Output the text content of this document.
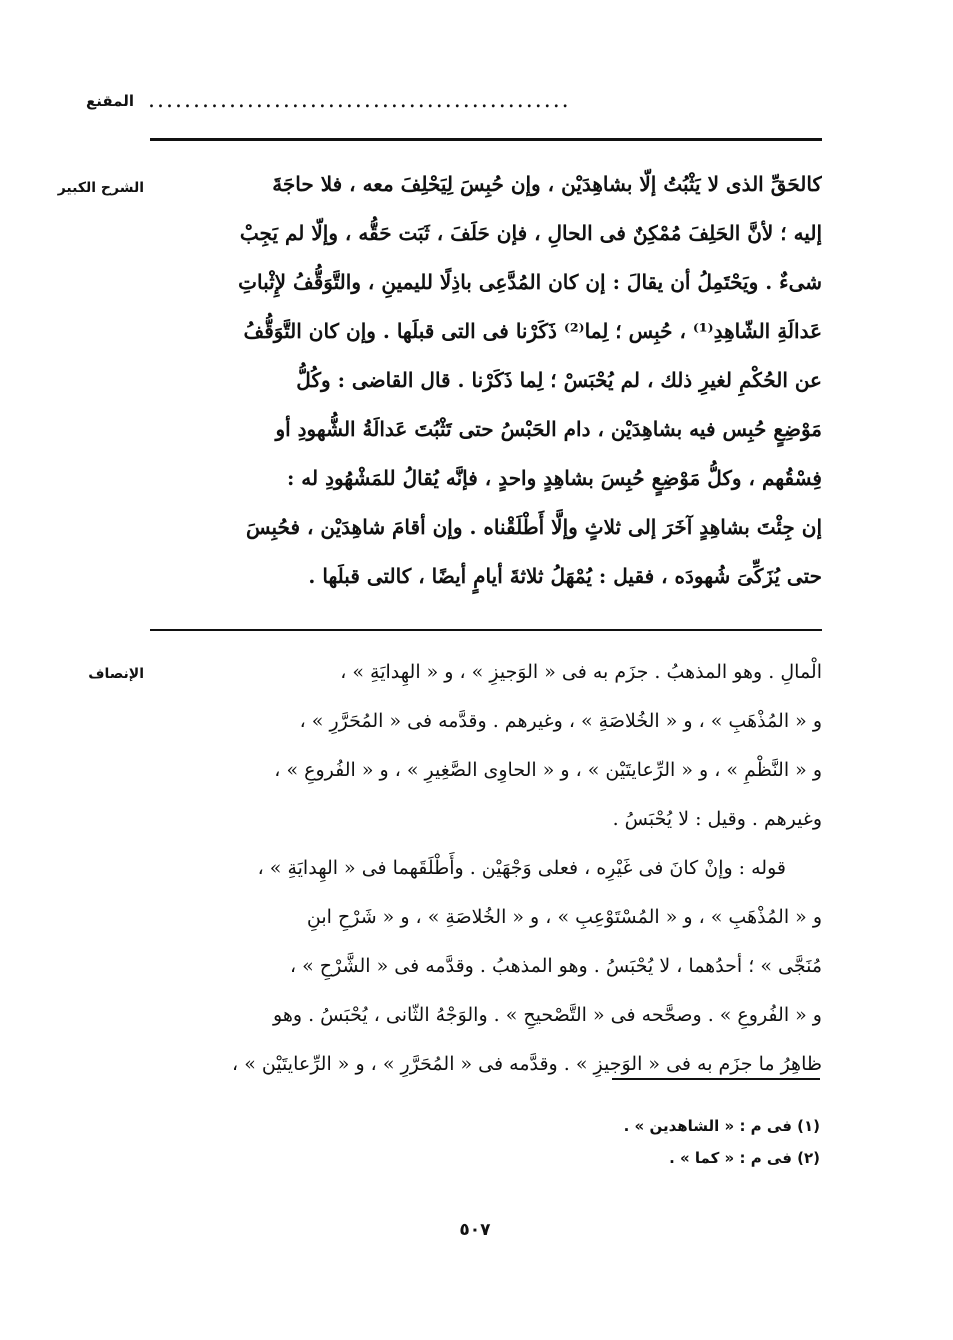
المقنع ...............................................
الشرح الكبير	كالحَقِّ الذى لا يَثْبُتُ إلّا بشاهِدَيْن ، وإن حُبِسَ لِيَحْلِفَ معه ، فلا حاجَةَ
إليه ؛ لأنَّ الحَلِفَ مُمْكِنٌ فى الحالِ ، فإن حَلَفَ ، ثَبَت حَقُّه ، وإلّا لم يَجِبْ
شىءٌ . ويَحْتَمِلُ أن يقالَ : إن كان المُدَّعِى باذِلًا لليمينِ ، والتَّوَقُّفُ لإِثْباتِ
عَدالَةِ الشّاهِدِ⁽¹⁾ ، حُبِس ؛ لِما⁽²⁾ ذَكَرْنا فى التى قبلَها . وإن كان التَّوَقُّفُ
عن الحُكْمِ لغيرِ ذلك ، لم يُحْبَسْ ؛ لِما ذَكَرْنا . قال القاضى : وكُلُّ
مَوْضِعٍ حُبِس فيه بشاهِدَيْن ، دام الحَبْسُ حتى تَثْبُتَ عَدالَةُ الشُّهودِ أو
فِسْقُهم ، وكلُّ مَوْضِعٍ حُبِسَ بشاهِدٍ واحدٍ ، فإنَّه يُقالُ للمَشْهُودِ له :
إن جِئْتَ بشاهِدٍ آخَرَ إلى ثلاثٍ وإلَّا أَطْلَقْناه . وإن أقامَ شاهِدَيْن ، فحُبِسَ
حتى يُزَكِّىَ شُهودَه ، فقيل : يُمْهَلُ ثلاثةَ أيامٍ أيضًا ، كالتى قبلَها .
الإنصاف	الْمالِ . وهو المذهبُ . جزَم به فى « الوَجيزِ » ، و « الهِدايَةِ » ،
و « المُذْهَبِ » ، و « الخُلاصَةِ » ، وغيرهم . وقدَّمه فى « المُحَرَّرِ » ،
و « النَّظْمِ » ، و « الرِّعايتَيْن » ، و « الحاوِى الصَّغِيرِ » ، و « الفُروعِ » ،
وغيرهم . وقيل : لا يُحْبَسُ .
قوله : وإنْ كانَ فى غَيْرِه ، فعلى وَجْهَيْن . وأَطْلَقَهما فى « الهِدايَةِ » ،
و « المُذْهَبِ » ، و « المُسْتَوْعِبِ » ، و « الخُلاصَةِ » ، و « شَرْحِ ابنِ
مُنَجَّى » ؛ أحدُهما ، لا يُحْبَسُ . وهو المذهبُ . وقدَّمه فى « الشَّرْحِ » ،
و « الفُروعِ » . وصحَّحه فى « التَّصْحيحِ » . والوَجْهُ الثّانى ، يُحْبَسُ . وهو
ظاهِرُ ما جزَم به فى « الوَجيزِ » . وقدَّمه فى « المُحَرَّرِ » ، و « الرِّعايتَيْن » ،
(١) فى م : « الشاهدين » .
(٢) فى م : « كما » .
٥٠٧
